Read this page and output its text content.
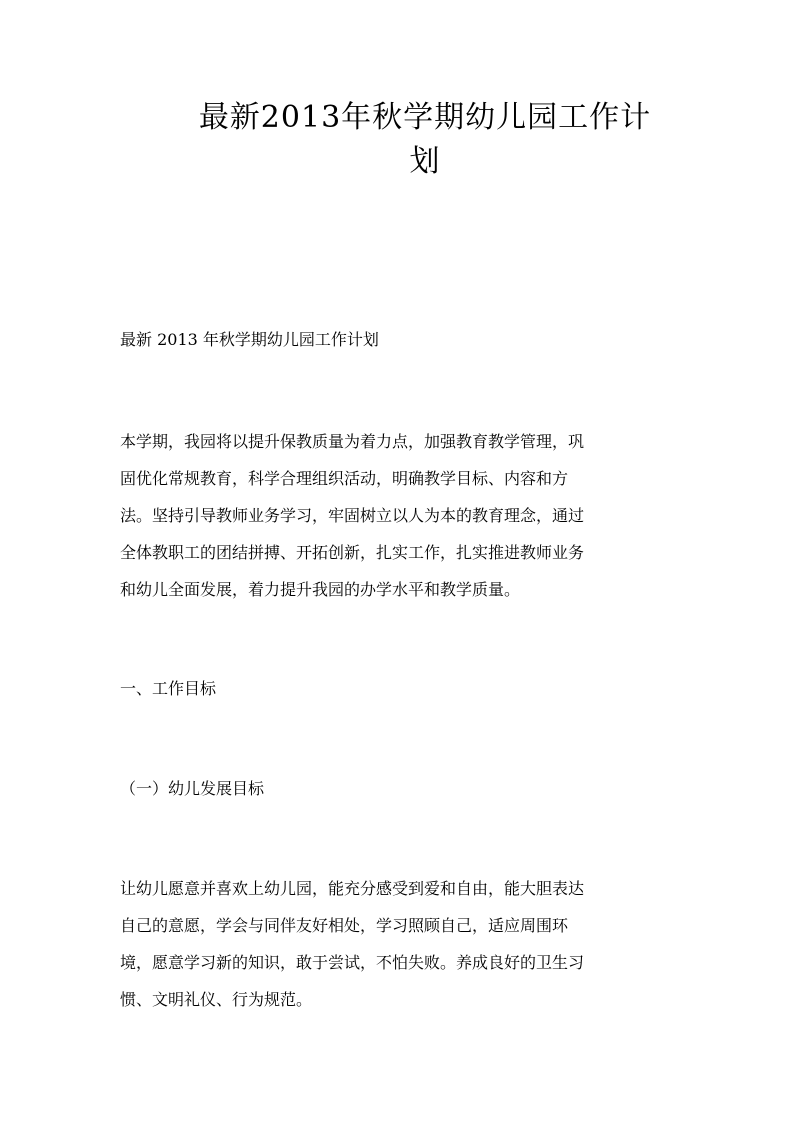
最新2013年秋学期幼儿园工作计
划
最新 2013 年秋学期幼儿园工作计划
本学期，我园将以提升保教质量为着力点，加强教育教学管理，巩
固优化常规教育，科学合理组织活动，明确教学目标、内容和方
法。坚持引导教师业务学习，牢固树立以人为本的教育理念，通过
全体教职工的团结拼搏、开拓创新，扎实工作，扎实推进教师业务
和幼儿全面发展，着力提升我园的办学水平和教学质量。
一、工作目标
（一）幼儿发展目标
让幼儿愿意并喜欢上幼儿园，能充分感受到爱和自由，能大胆表达
自己的意愿，学会与同伴友好相处，学习照顾自己，适应周围环
境，愿意学习新的知识，敢于尝试，不怕失败。养成良好的卫生习
惯、文明礼仪、行为规范。
